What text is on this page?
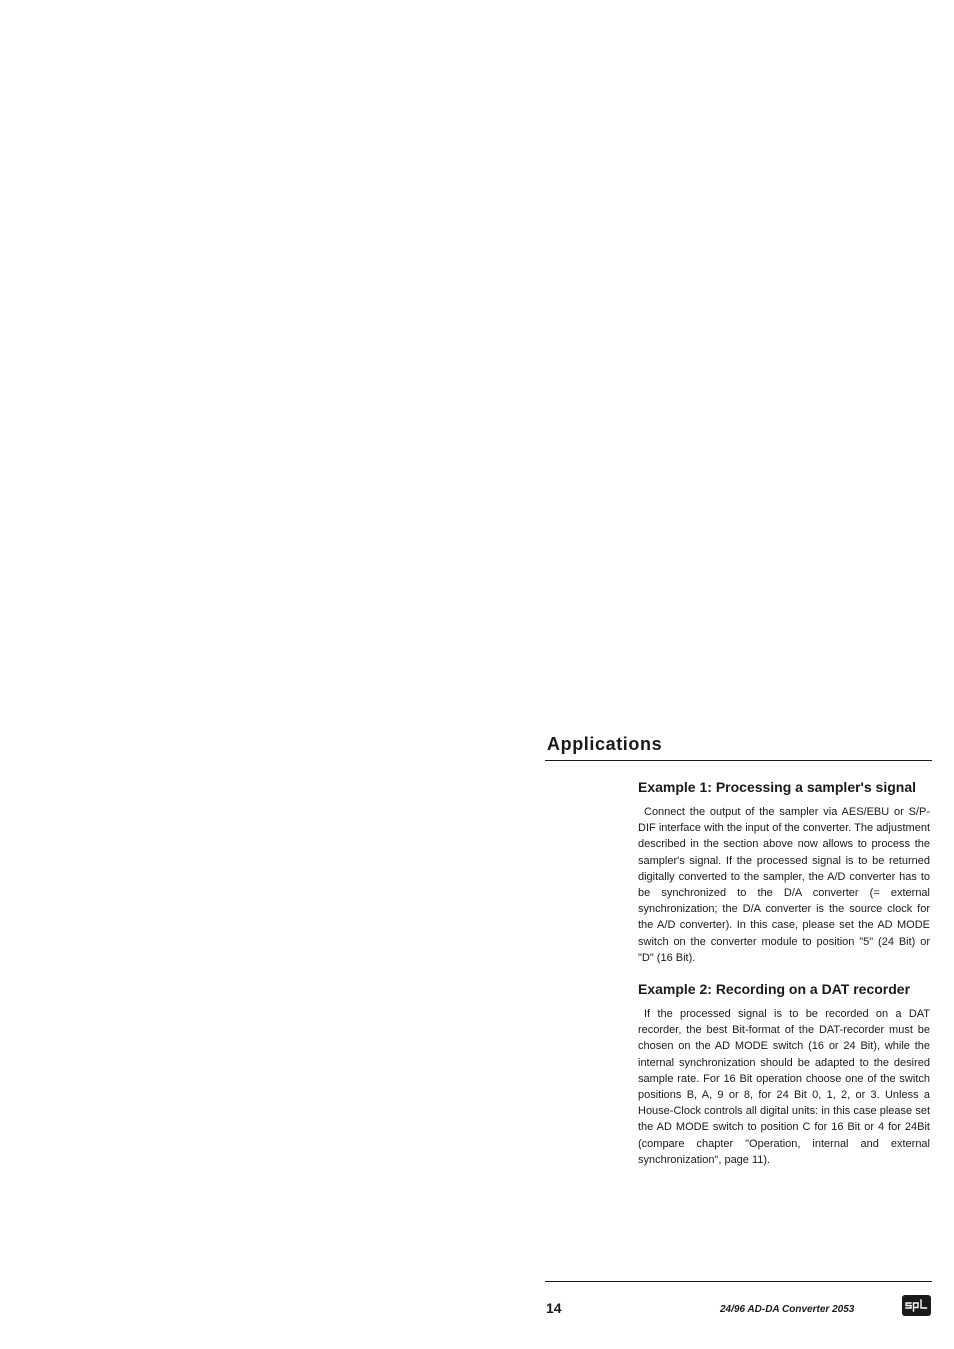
Applications
Example 1: Processing a sampler's signal

Connect the output of the sampler via AES/EBU or S/P-DIF interface with the input of the converter. The adjustment described in the section above now allows to process the sampler's signal. If the processed signal is to be returned digitally converted to the sampler, the A/D converter has to be synchronized to the D/A converter (= external synchronization; the D/A converter is the source clock for the A/D converter). In this case, please set the AD MODE switch on the converter module to position "5" (24 Bit) or "D" (16 Bit).

Example 2: Recording on a DAT recorder

If the processed signal is to be recorded on a DAT recorder, the best Bit-format of the DAT-recorder must be chosen on the AD MODE switch (16 or 24 Bit), while the internal synchronization should be adapted to the desired sample rate. For 16 Bit operation choose one of the switch positions B, A, 9 or 8, for 24 Bit 0, 1, 2, or 3. Unless a House-Clock controls all digital units: in this case please set the AD MODE switch to position C for 16 Bit or 4 for 24Bit (compare chapter "Operation, internal and external synchronization", page 11).

14	24/96 AD-DA Converter 2053
